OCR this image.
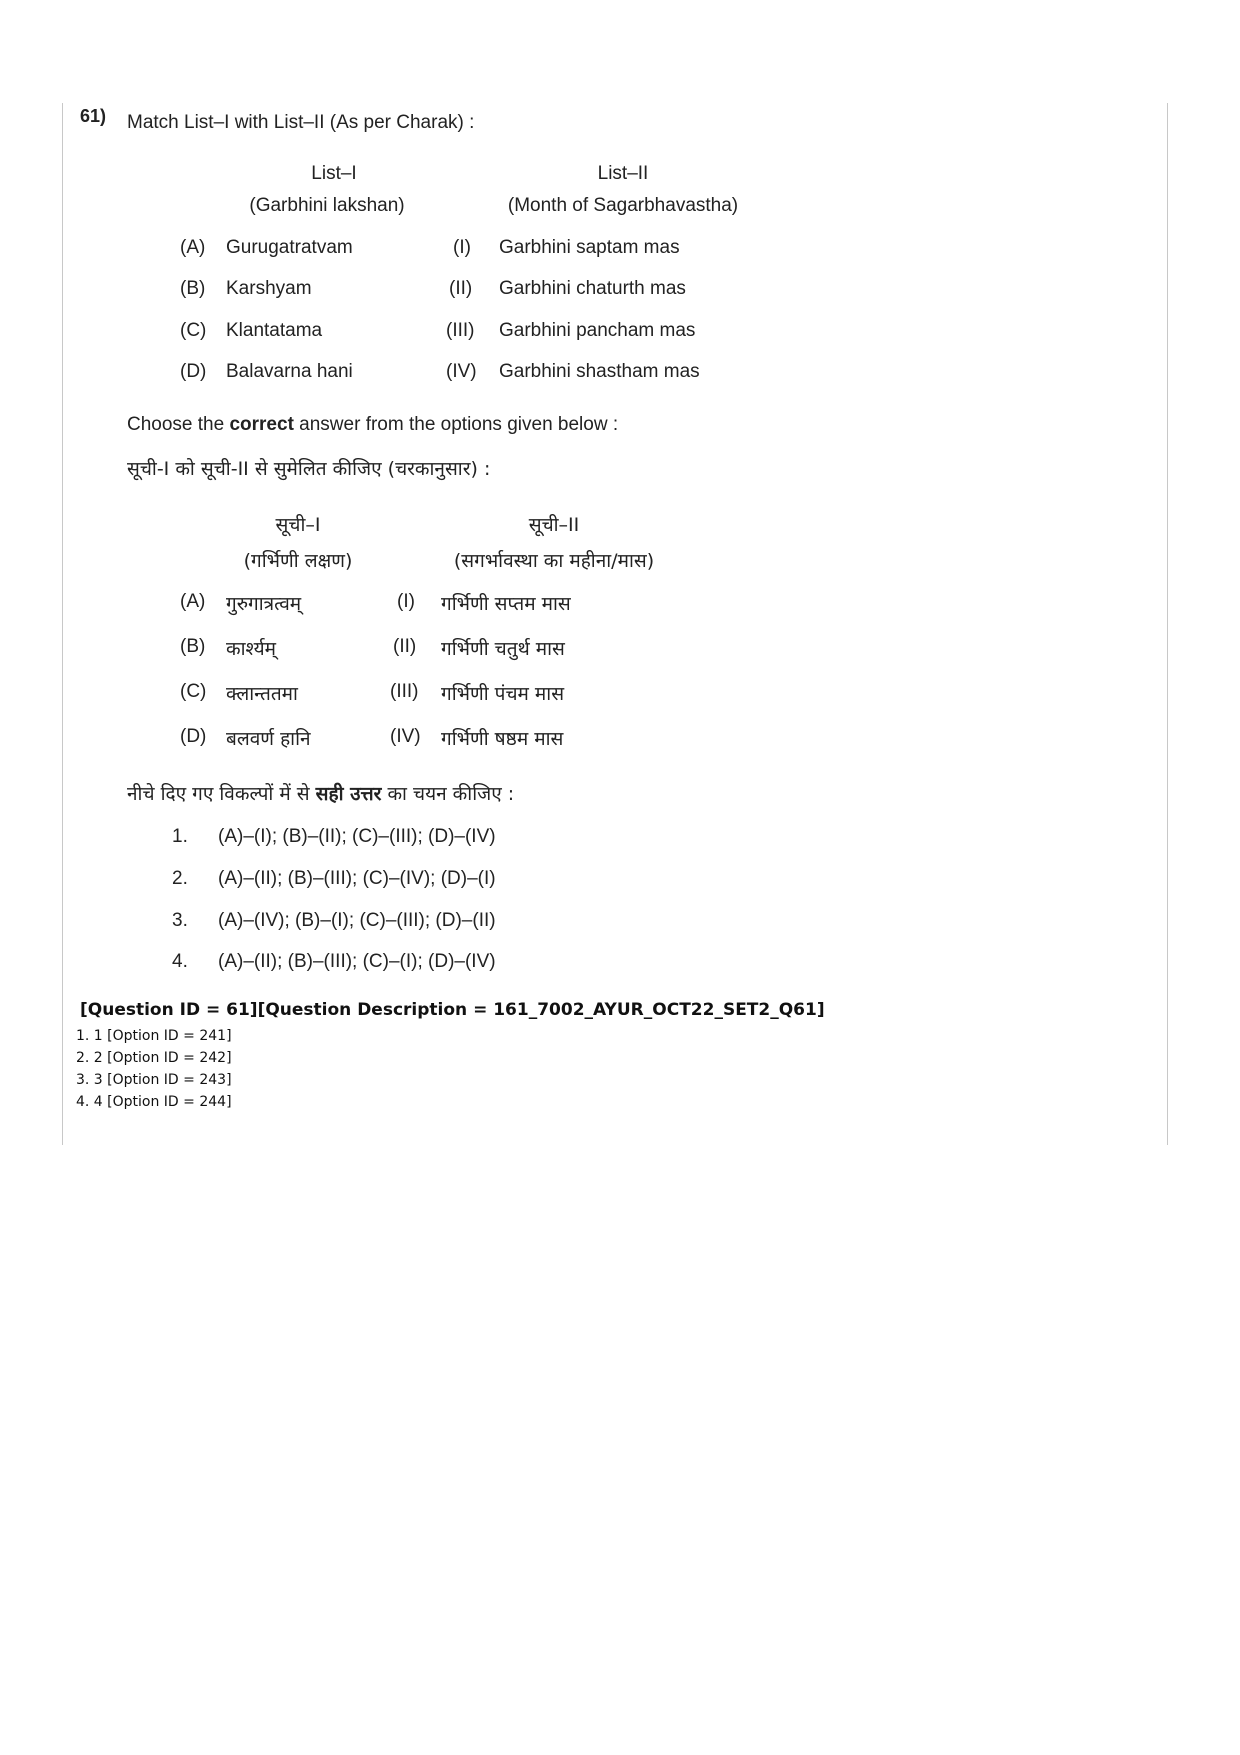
61) Match List–I with List–II (As per Charak) :
List–I
(Garbhini lakshan)
List–II
(Month of Sagarbhavastha)
(A) Gurugatratvam	(I) Garbhini saptam mas
(B) Karshyam	(II) Garbhini chaturth mas
(C) Klantatama	(III) Garbhini pancham mas
(D) Balavarna hani	(IV) Garbhini shastham mas
Choose the correct answer from the options given below :
सूची-I को सूची-II से सुमेलित कीजिए (चरकानुसार) :
सूची–I
(गर्भिणी लक्षण)
सूची–II
(सगर्भावस्था का महीना/मास)
(A) गुरुगात्रत्वम्	(I) गर्भिणी सप्तम मास
(B) कार्श्यम्	(II) गर्भिणी चतुर्थ मास
(C) क्लान्ततमा	(III) गर्भिणी पंचम मास
(D) बलवर्ण हानि	(IV) गर्भिणी षष्ठम मास
नीचे दिए गए विकल्पों में से सही उत्तर का चयन कीजिए :
1. (A)–(I); (B)–(II); (C)–(III); (D)–(IV)
2. (A)–(II); (B)–(III); (C)–(IV); (D)–(I)
3. (A)–(IV); (B)–(I); (C)–(III); (D)–(II)
4. (A)–(II); (B)–(III); (C)–(I); (D)–(IV)
[Question ID = 61][Question Description = 161_7002_AYUR_OCT22_SET2_Q61]
1. 1 [Option ID = 241]
2. 2 [Option ID = 242]
3. 3 [Option ID = 243]
4. 4 [Option ID = 244]
